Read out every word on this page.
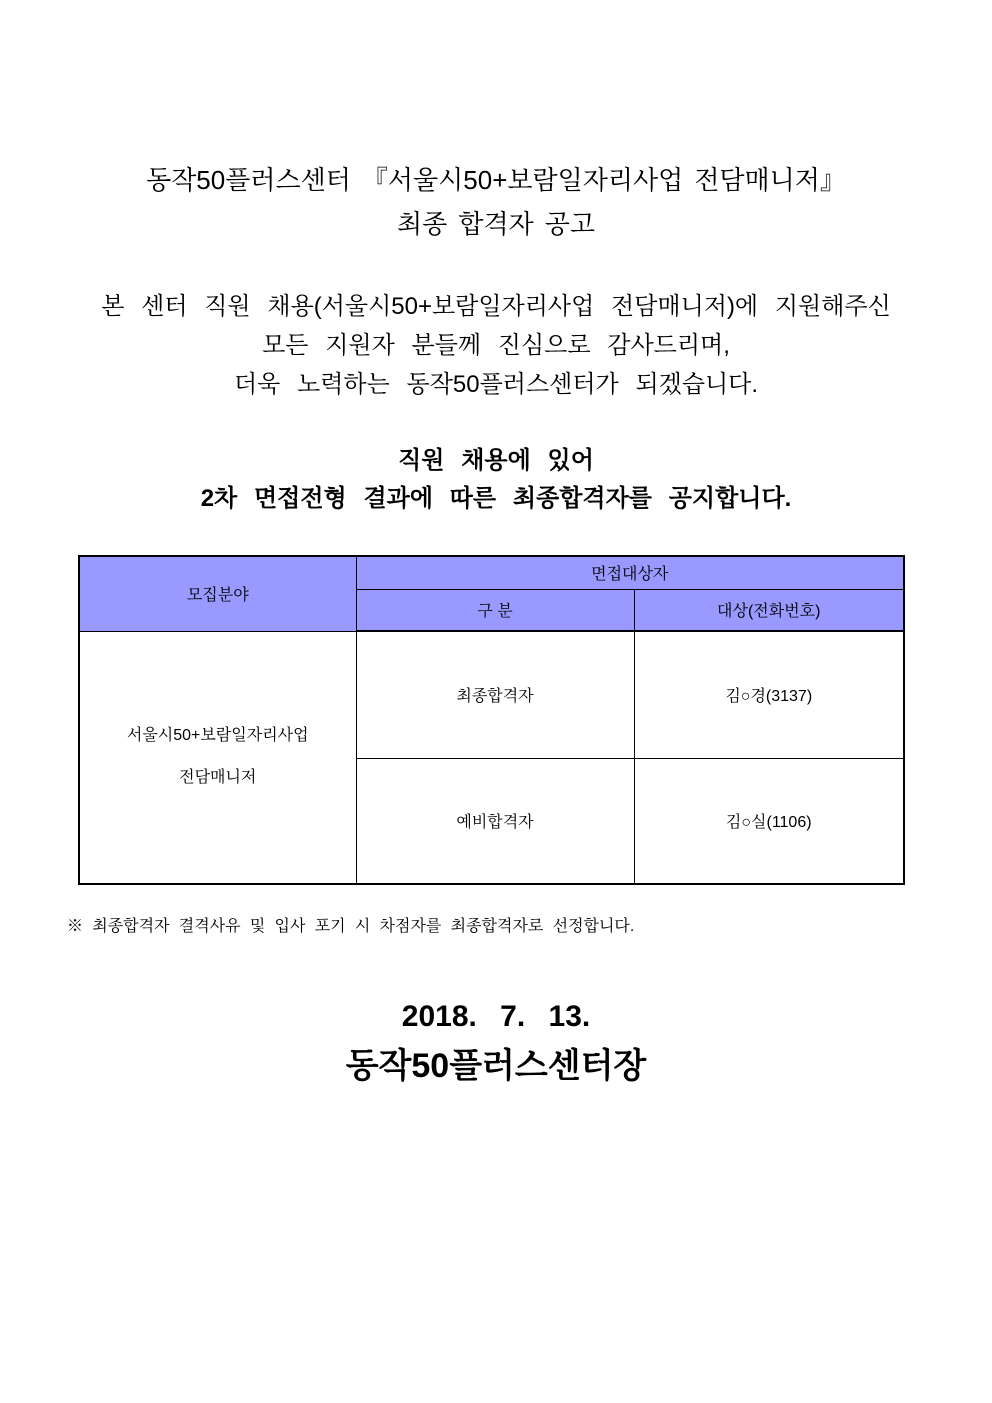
동작50플러스센터 『서울시50+보람일자리사업 전담매니저』
최종 합격자 공고
본 센터 직원 채용(서울시50+보람일자리사업 전담매니저)에 지원해주신
모든 지원자 분들께 진심으로 감사드리며,
더욱 노력하는 동작50플러스센터가 되겠습니다.
직원 채용에 있어
2차 면접전형 결과에 따른 최종합격자를 공지합니다.
모집분야	면접대상자	
	구 분	대상(전화번호)

서울시50+보람일자리사업
전담매니저	최종합격자	김○경(3137)
	예비합격자	김○실(1106)
※ 최종합격자 결격사유 및 입사 포기 시 차점자를 최종합격자로 선정합니다.
2018. 7. 13.
동작50플러스센터장
